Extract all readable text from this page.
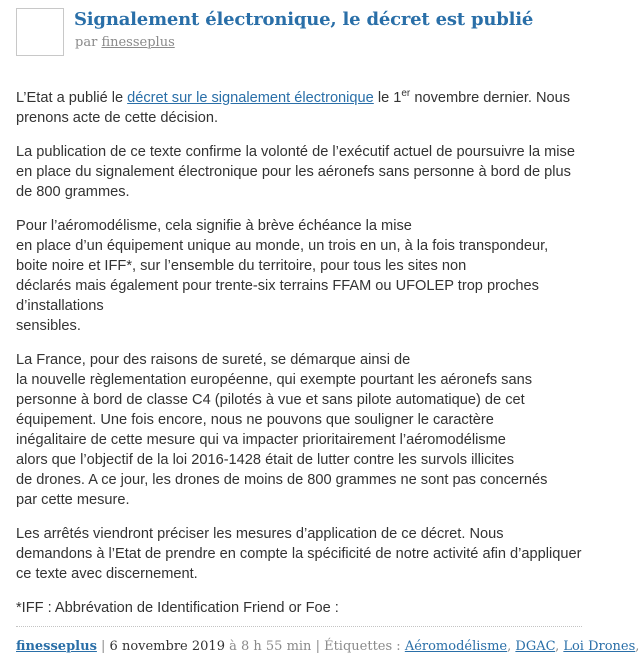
Signalement électronique, le décret est publié
par finesseplus

L’Etat a publié le décret sur le signalement électronique le 1er novembre dernier. Nous prenons acte de cette décision.

La publication de ce texte confirme la volonté de l’exécutif actuel de poursuivre la mise en place du signalement électronique pour les aéronefs sans personne à bord de plus de 800 grammes.

Pour l’aéromodélisme, cela signifie à brève échéance la mise
en place d’un équipement unique au monde, un trois en un, à la fois transpondeur,
boite noire et IFF*, sur l’ensemble du territoire, pour tous les sites non
déclarés mais également pour trente-six terrains FFAM ou UFOLEP trop proches
d’installations
sensibles.

La France, pour des raisons de sureté, se démarque ainsi de
la nouvelle règlementation européenne, qui exempte pourtant les aéronefs sans
personne à bord de classe C4 (pilotés à vue et sans pilote automatique) de cet
équipement. Une fois encore, nous ne pouvons que souligner le caractère
inégalitaire de cette mesure qui va impacter prioritairement l’aéromodélisme
alors que l’objectif de la loi 2016-1428 était de lutter contre les survols illicites
de drones. A ce jour, les drones de moins de 800 grammes ne sont pas concernés
par cette mesure.

Les arrêtés viendront préciser les mesures d’application de ce décret. Nous demandons à l’Etat de prendre en compte la spécificité de notre activité afin d’appliquer ce texte avec discernement.

*IFF : Abbrévation de Identification Friend or Foe :

finesseplus | 6 novembre 2019 à 8 h 55 min | Étiquettes : Aéromodélisme, DGAC, Loi Drones
